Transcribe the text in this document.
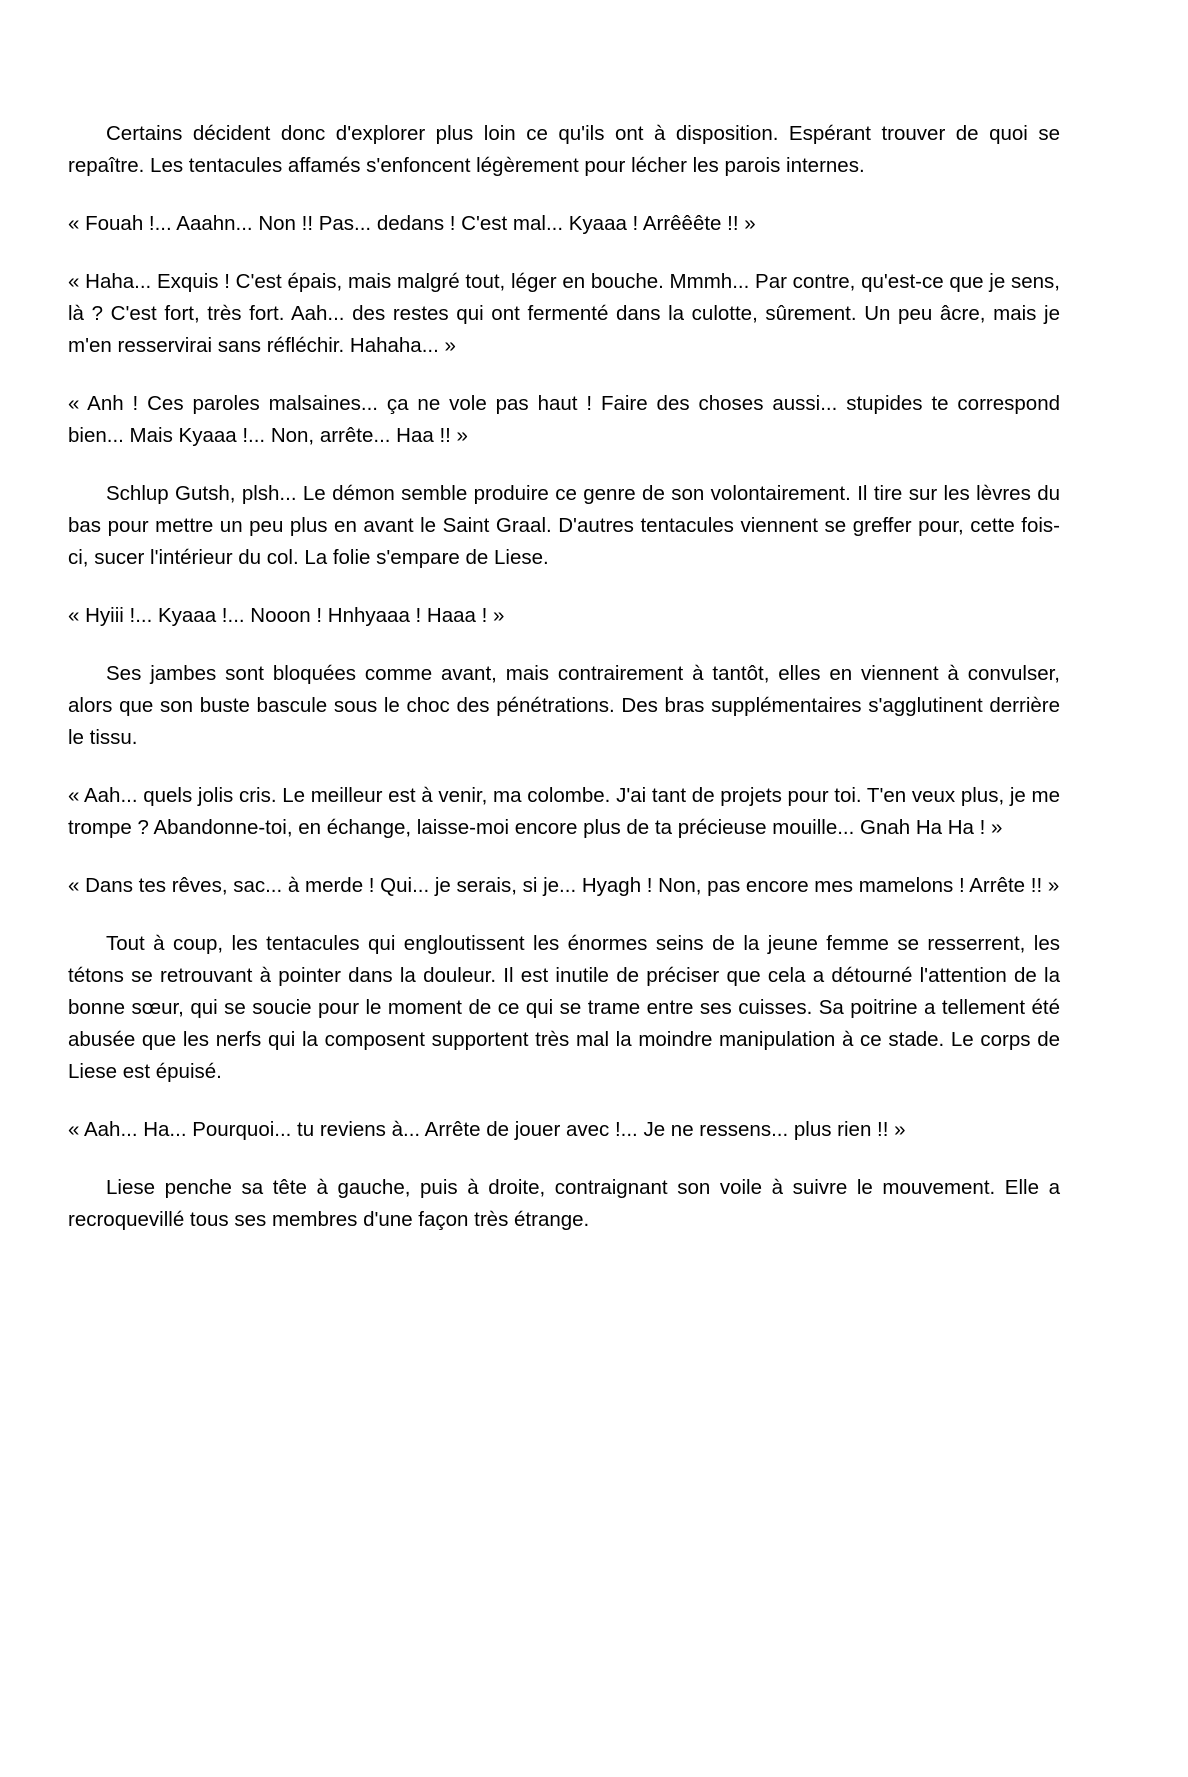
Certains décident donc d'explorer plus loin ce qu'ils ont à disposition. Espérant trouver de quoi se repaître. Les tentacules affamés s'enfoncent légèrement pour lécher les parois internes.

« Fouah !... Aaahn... Non !! Pas... dedans ! C'est mal... Kyaaa ! Arrêêête !! »

« Haha... Exquis ! C'est épais, mais malgré tout, léger en bouche. Mmmh... Par contre, qu'est-ce que je sens, là ? C'est fort, très fort. Aah... des restes qui ont fermenté dans la culotte, sûrement. Un peu âcre, mais je m'en resservirai sans réfléchir. Hahaha... »

« Anh ! Ces paroles malsaines... ça ne vole pas haut ! Faire des choses aussi... stupides te correspond bien... Mais Kyaaa !... Non, arrête... Haa !! »

Schlup Gutsh, plsh... Le démon semble produire ce genre de son volontairement. Il tire sur les lèvres du bas pour mettre un peu plus en avant le Saint Graal. D'autres tentacules viennent se greffer pour, cette fois-ci, sucer l'intérieur du col. La folie s'empare de Liese.

« Hyiii !... Kyaaa !... Nooon ! Hnhyaaa ! Haaa ! »

Ses jambes sont bloquées comme avant, mais contrairement à tantôt, elles en viennent à convulser, alors que son buste bascule sous le choc des pénétrations. Des bras supplémentaires s'agglutinent derrière le tissu.

« Aah... quels jolis cris. Le meilleur est à venir, ma colombe. J'ai tant de projets pour toi. T'en veux plus, je me trompe ? Abandonne-toi, en échange, laisse-moi encore plus de ta précieuse mouille... Gnah Ha Ha ! »

« Dans tes rêves, sac... à merde ! Qui... je serais, si je... Hyagh ! Non, pas encore mes mamelons ! Arrête !! »

Tout à coup, les tentacules qui engloutissent les énormes seins de la jeune femme se resserrent, les tétons se retrouvant à pointer dans la douleur. Il est inutile de préciser que cela a détourné l'attention de la bonne sœur, qui se soucie pour le moment de ce qui se trame entre ses cuisses. Sa poitrine a tellement été abusée que les nerfs qui la composent supportent très mal la moindre manipulation à ce stade. Le corps de Liese est épuisé.

« Aah... Ha... Pourquoi... tu reviens à... Arrête de jouer avec !... Je ne ressens... plus rien !! »

Liese penche sa tête à gauche, puis à droite, contraignant son voile à suivre le mouvement. Elle a recroquevillé tous ses membres d'une façon très étrange.
